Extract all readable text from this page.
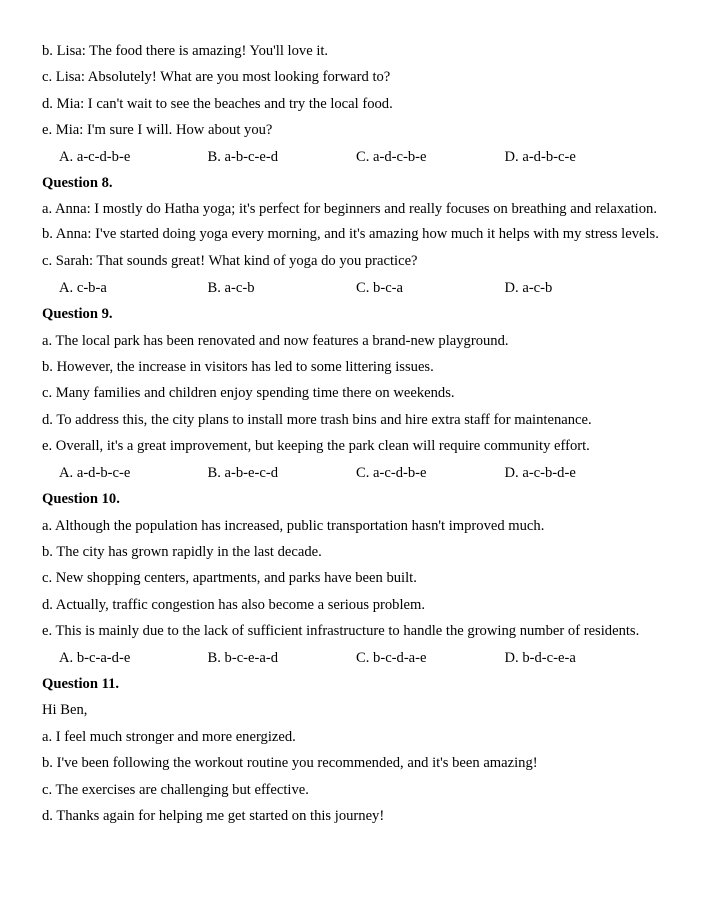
b. Lisa: The food there is amazing! You'll love it.
c. Lisa: Absolutely! What are you most looking forward to?
d. Mia: I can't wait to see the beaches and try the local food.
e. Mia: I'm sure I will. How about you?
A. a-c-d-b-e	B. a-b-c-e-d	C. a-d-c-b-e	D. a-d-b-c-e
Question 8.
a. Anna: I mostly do Hatha yoga; it's perfect for beginners and really focuses on breathing and relaxation.
b. Anna: I've started doing yoga every morning, and it's amazing how much it helps with my stress levels.
c. Sarah: That sounds great! What kind of yoga do you practice?
A. c-b-a	B. a-c-b	C. b-c-a	D. a-c-b
Question 9.
a. The local park has been renovated and now features a brand-new playground.
b. However, the increase in visitors has led to some littering issues.
c. Many families and children enjoy spending time there on weekends.
d. To address this, the city plans to install more trash bins and hire extra staff for maintenance.
e. Overall, it's a great improvement, but keeping the park clean will require community effort.
A. a-d-b-c-e	B. a-b-e-c-d	C. a-c-d-b-e	D. a-c-b-d-e
Question 10.
a. Although the population has increased, public transportation hasn't improved much.
b. The city has grown rapidly in the last decade.
c. New shopping centers, apartments, and parks have been built.
d. Actually, traffic congestion has also become a serious problem.
e. This is mainly due to the lack of sufficient infrastructure to handle the growing number of residents.
A. b-c-a-d-e	B. b-c-e-a-d	C. b-c-d-a-e	D. b-d-c-e-a
Question 11.
Hi Ben,
a. I feel much stronger and more energized.
b. I've been following the workout routine you recommended, and it's been amazing!
c. The exercises are challenging but effective.
d. Thanks again for helping me get started on this journey!
